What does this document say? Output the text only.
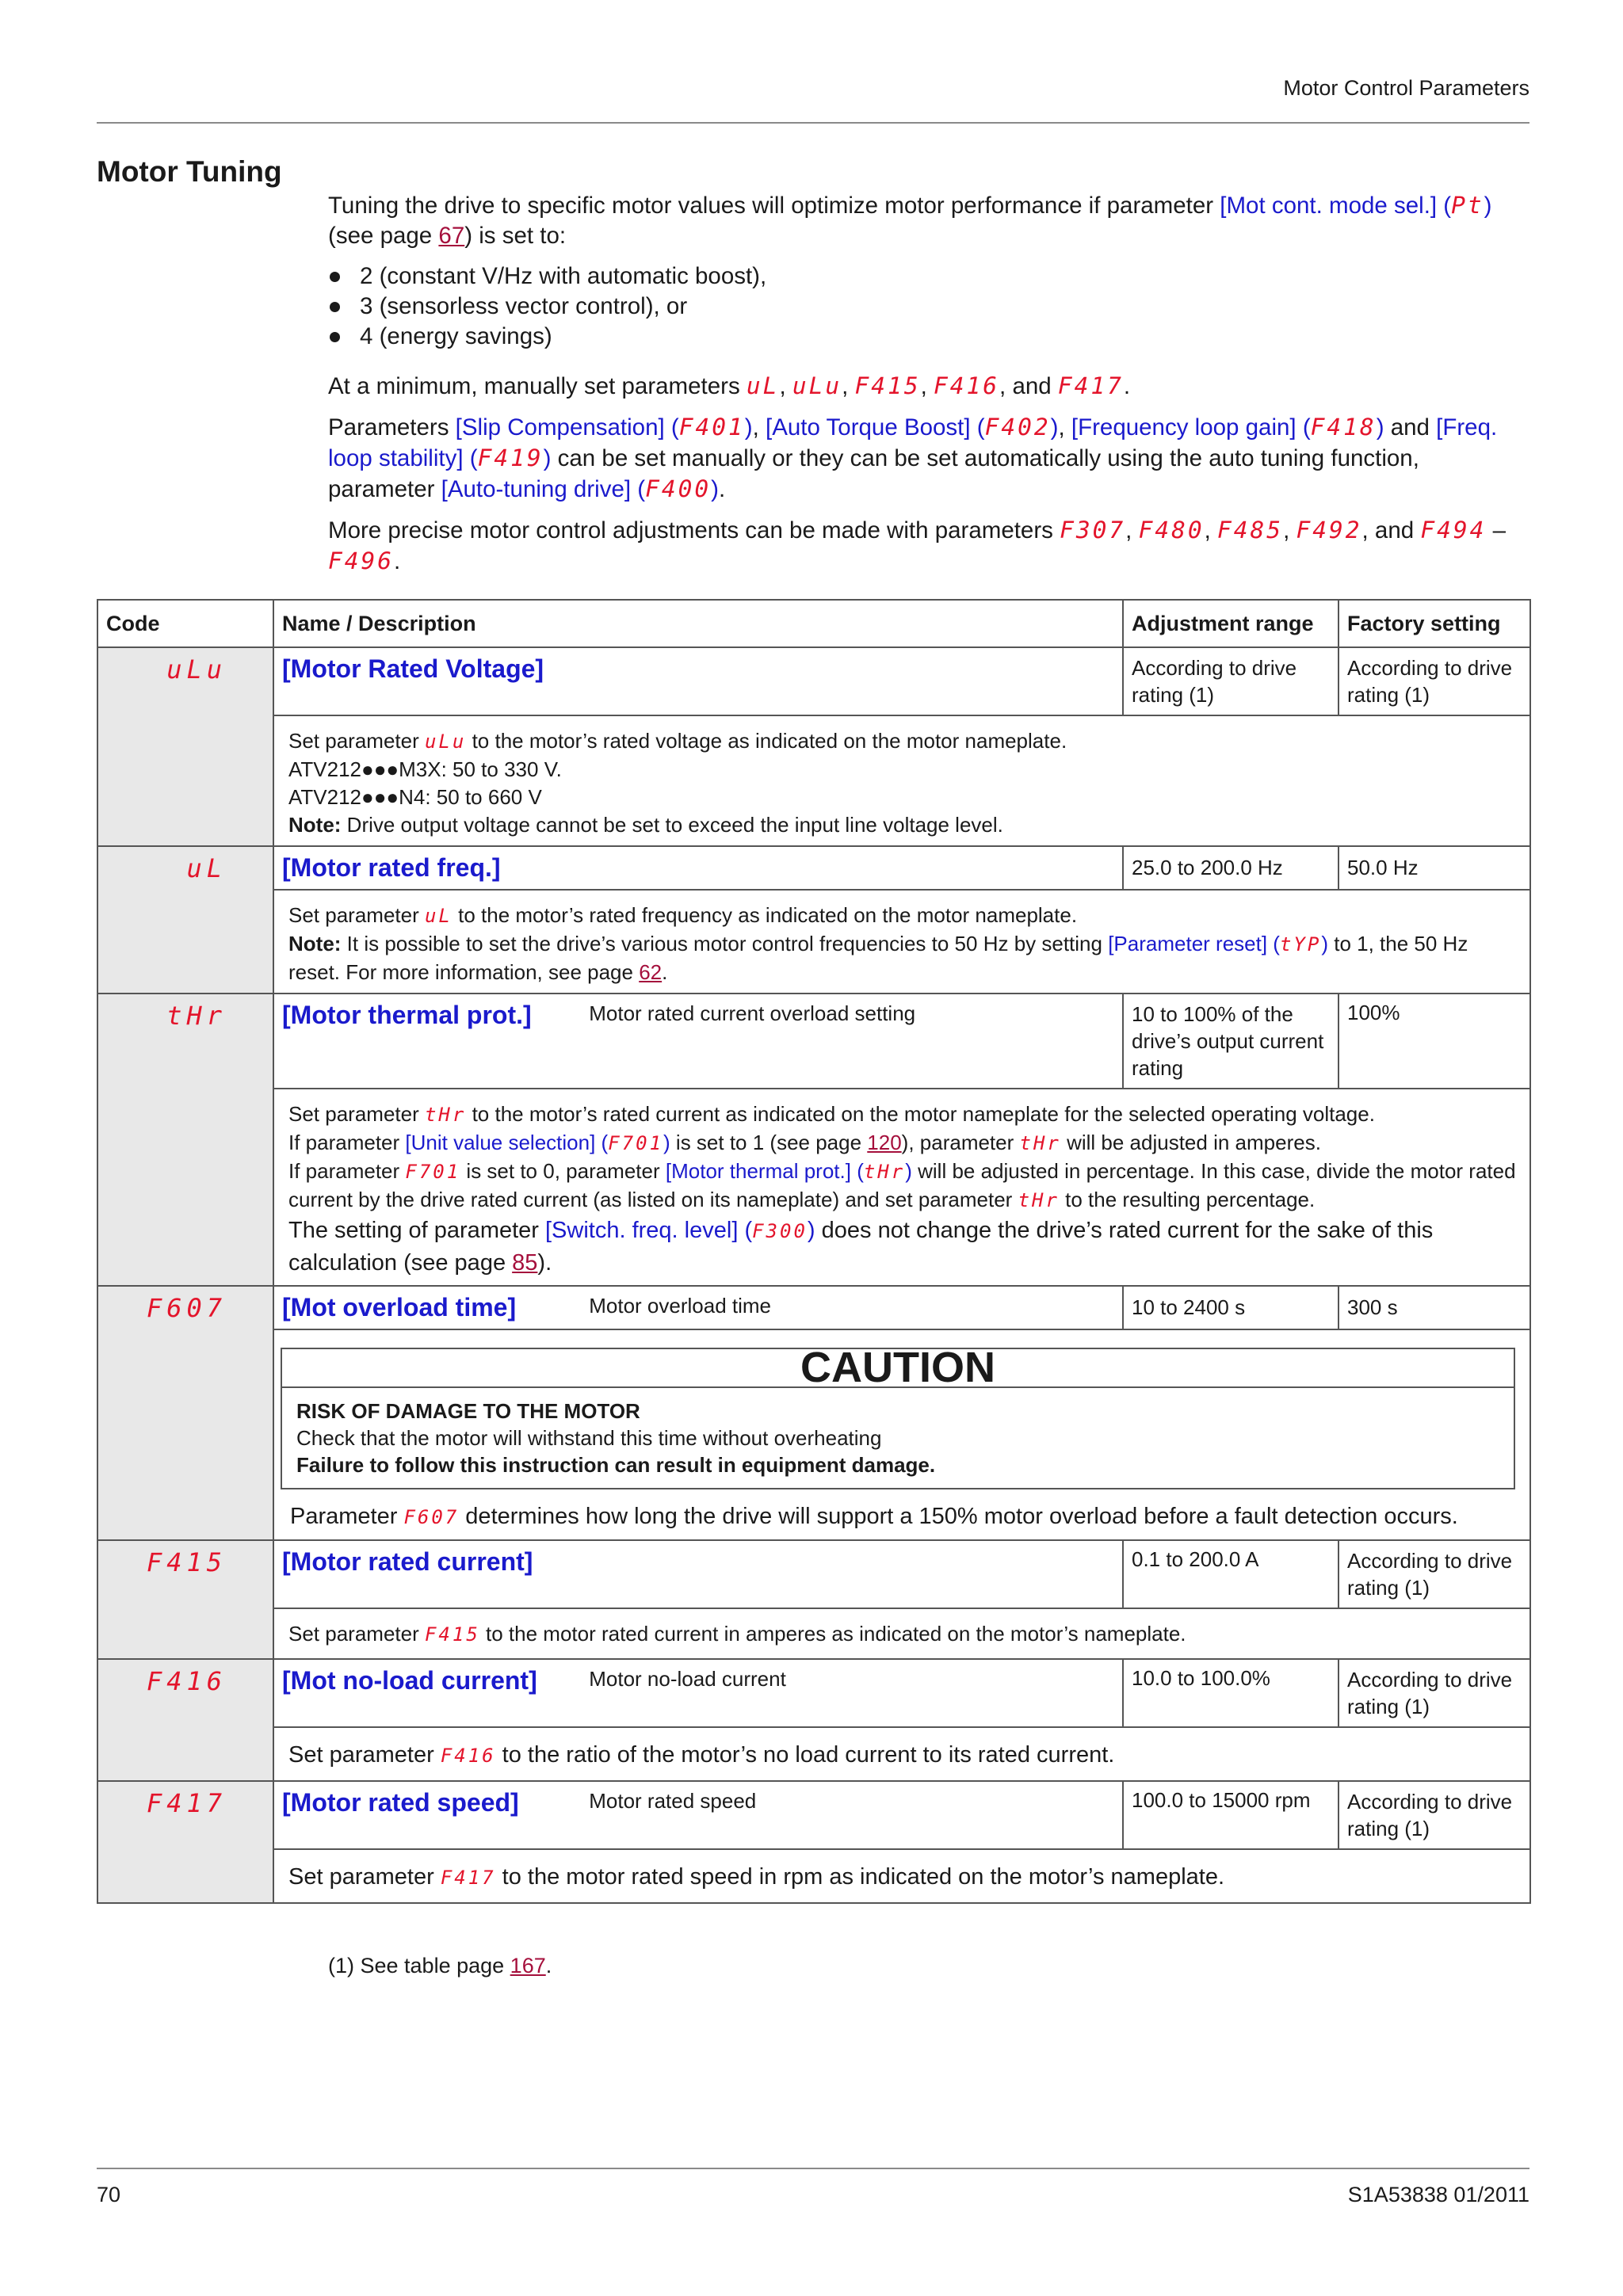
Motor Control Parameters
Motor Tuning

Tuning the drive to specific motor values will optimize motor performance if parameter [Mot cont. mode sel.] (Pt) (see page 67) is set to:

2 (constant V/Hz with automatic boost),
3 (sensorless vector control), or
4 (energy savings)

At a minimum, manually set parameters uL, uLu, F415, F416, and F417.

Parameters [Slip Compensation] (F401), [Auto Torque Boost] (F402), [Frequency loop gain] (F418) and [Freq. loop stability] (F419) can be set manually or they can be set automatically using the auto tuning function, parameter [Auto-tuning drive] (F400).

More precise motor control adjustments can be made with parameters F307, F480, F485, F492, and F494 – F496.

Code	Name / Description	Adjustment range	Factory setting
uLu	[Motor Rated Voltage]	According to drive rating (1)	According to drive rating (1)
	Set parameter uLu to the motor’s rated voltage as indicated on the motor nameplate.
ATV212●●●M3X: 50 to 330 V.
ATV212●●●N4: 50 to 660 V
Note: Drive output voltage cannot be set to exceed the input line voltage level.		
uL	[Motor rated freq.]	25.0 to 200.0 Hz	50.0 Hz
	Set parameter uL to the motor’s rated frequency as indicated on the motor nameplate.
Note: It is possible to set the drive’s various motor control frequencies to 50 Hz by setting [Parameter reset] (tYP) to 1, the 50 Hz reset. For more information, see page 62.		
tHr	[Motor thermal prot.] Motor rated current overload setting	10 to 100% of the drive’s output current rating	100%
	Set parameter tHr to the motor’s rated current as indicated on the motor nameplate for the selected operating voltage.
If parameter [Unit value selection] (F701) is set to 1 (see page 120), parameter tHr will be adjusted in amperes.
If parameter F701 is set to 0, parameter [Motor thermal prot.] (tHr) will be adjusted in percentage. In this case, divide the motor rated current by the drive rated current (as listed on its nameplate) and set parameter tHr to the resulting percentage.
The setting of parameter [Switch. freq. level] (F300) does not change the drive’s rated current for the sake of this calculation (see page 85).		
F607	[Mot overload time] Motor overload time	10 to 2400 s	300 s

	CAUTION
RISK OF DAMAGE TO THE MOTOR
Check that the motor will withstand this time without overheating
Failure to follow this instruction can result in equipment damage.
Parameter F607 determines how long the drive will support a 150% motor overload before a fault detection occurs.		

F415	[Motor rated current]	0.1 to 200.0 A	According to drive rating (1)
	Set parameter F415 to the motor rated current in amperes as indicated on the motor’s nameplate.		
F416	[Mot no-load current] Motor no-load current	10.0 to 100.0%	According to drive rating (1)
	Set parameter F416 to the ratio of the motor’s no load current to its rated current.		
F417	[Motor rated speed] Motor rated speed	100.0 to 15000 rpm	According to drive rating (1)
	Set parameter F417 to the motor rated speed in rpm as indicated on the motor’s nameplate.		
(1) See table page 167.
70	S1A53838 01/2011
